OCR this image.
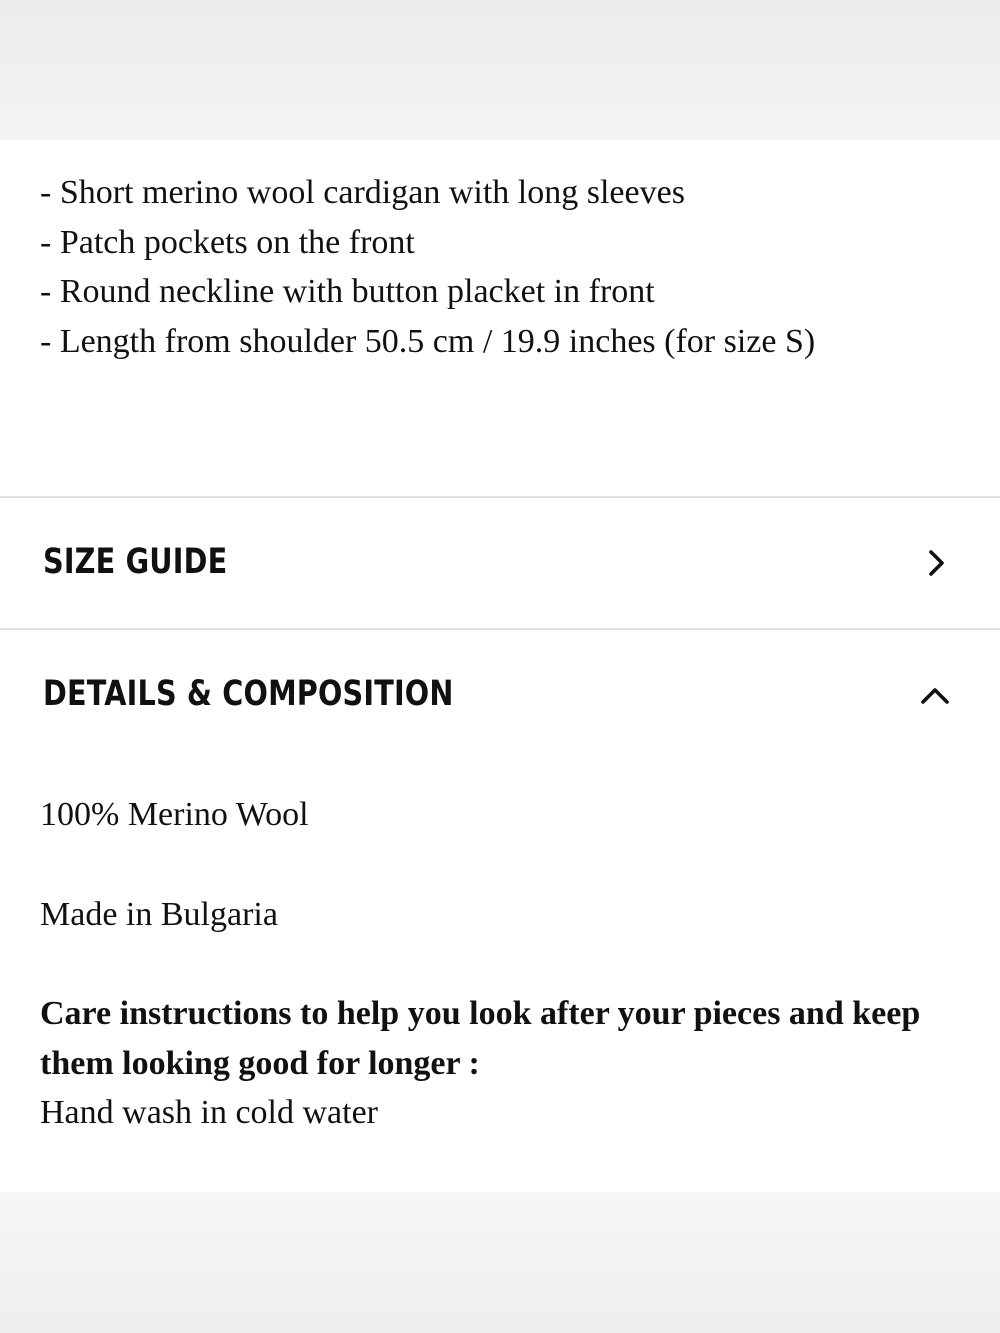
- Short merino wool cardigan with long sleeves
- Patch pockets on the front
- Round neckline with button placket in front
- Length from shoulder 50.5 cm / 19.9 inches (for size S)
SIZE GUIDE
DETAILS & COMPOSITION

100% Merino Wool

Made in Bulgaria

Care instructions to help you look after your pieces and keep them looking good for longer :

Hand wash in cold water
